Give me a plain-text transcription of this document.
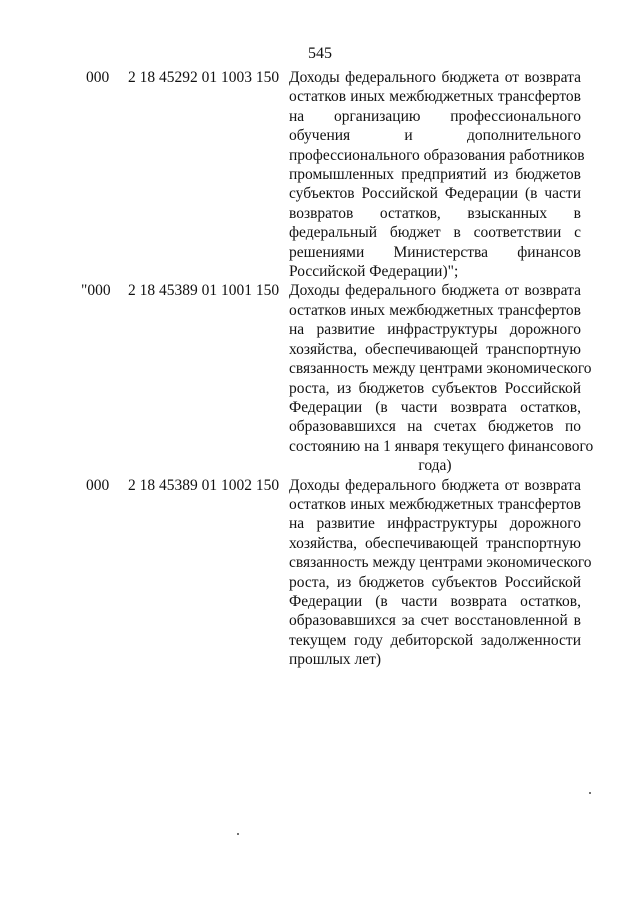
545
000 2 18 45292 01 1003 150 Доходы федерального бюджета от возврата
остатков иных межбюджетных трансфертов
на организацию профессионального
обучения и дополнительного
профессионального образования работников
промышленных предприятий из бюджетов
субъектов Российской Федерации (в части
возвратов остатков, взысканных в
федеральный бюджет в соответствии с
решениями Министерства финансов
Российской Федерации)";
"000 2 18 45389 01 1001 150 Доходы федерального бюджета от возврата
остатков иных межбюджетных трансфертов
на развитие инфраструктуры дорожного
хозяйства, обеспечивающей транспортную
связанность между центрами экономического
роста, из бюджетов субъектов Российской
Федерации (в части возврата остатков,
образовавшихся на счетах бюджетов по
состоянию на 1 января текущего финансового
года)
000 2 18 45389 01 1002 150 Доходы федерального бюджета от возврата
остатков иных межбюджетных трансфертов
на развитие инфраструктуры дорожного
хозяйства, обеспечивающей транспортную
связанность между центрами экономического
роста, из бюджетов субъектов Российской
Федерации (в части возврата остатков,
образовавшихся за счет восстановленной в
текущем году дебиторской задолженности
прошлых лет)
